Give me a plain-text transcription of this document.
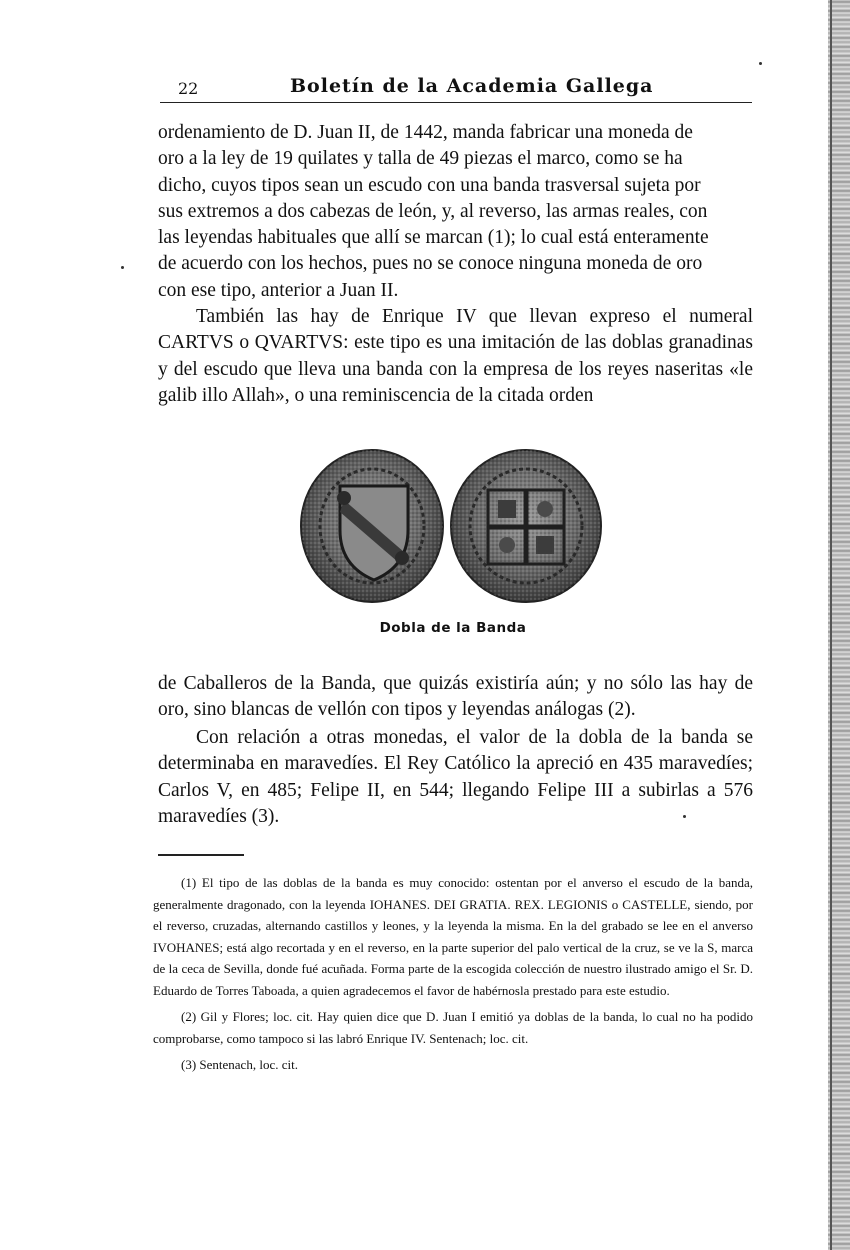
22	Boletín de la Academia Gallega

ordenamiento de D. Juan II, de 1442, manda fabricar una moneda de

oro a la ley de 19 quilates y talla de 49 piezas el marco, como se ha

dicho, cuyos tipos sean un escudo con una banda trasversal sujeta por

sus extremos a dos cabezas de león, y, al reverso, las armas reales, con

las leyendas habituales que allí se marcan (1); lo cual está enteramente

de acuerdo con los hechos, pues no se conoce ninguna moneda de oro

con ese tipo, anterior a Juan II.

También las hay de Enrique IV que llevan expreso el numeral CARTVS o QVARTVS: este tipo es una imitación de las doblas granadinas y del escudo que lleva una banda con la empresa de los reyes naseritas «le galib illo Allah», o una reminiscencia de la citada orden

Dobla de la Banda

de Caballeros de la Banda, que quizás existiría aún; y no sólo las hay de oro, sino blancas de vellón con tipos y leyendas análogas (2).

Con relación a otras monedas, el valor de la dobla de la banda se determinaba en maravedíes. El Rey Católico la apreció en 435 maravedíes; Carlos V, en 485; Felipe II, en 544; llegando Felipe III a subirlas a 576 maravedíes (3).

(1) El tipo de las doblas de la banda es muy conocido: ostentan por el anverso el escudo de la banda, generalmente dragonado, con la leyenda IOHANES. DEI GRATIA. REX. LEGIONIS o CASTELLE, siendo, por el reverso, cruzadas, alternando castillos y leones, y la leyenda la misma. En la del grabado se lee en el anverso IVOHANES; está algo recortada y en el reverso, en la parte superior del palo vertical de la cruz, se ve la S, marca de la ceca de Sevilla, donde fué acuñada. Forma parte de la escogida colección de nuestro ilustrado amigo el Sr. D. Eduardo de Torres Taboada, a quien agradecemos el favor de habérnosla prestado para este estudio.

(2) Gil y Flores; loc. cit. Hay quien dice que D. Juan I emitió ya doblas de la banda, lo cual no ha podido comprobarse, como tampoco si las labró Enrique IV. Sentenach; loc. cit.

(3) Sentenach, loc. cit.
